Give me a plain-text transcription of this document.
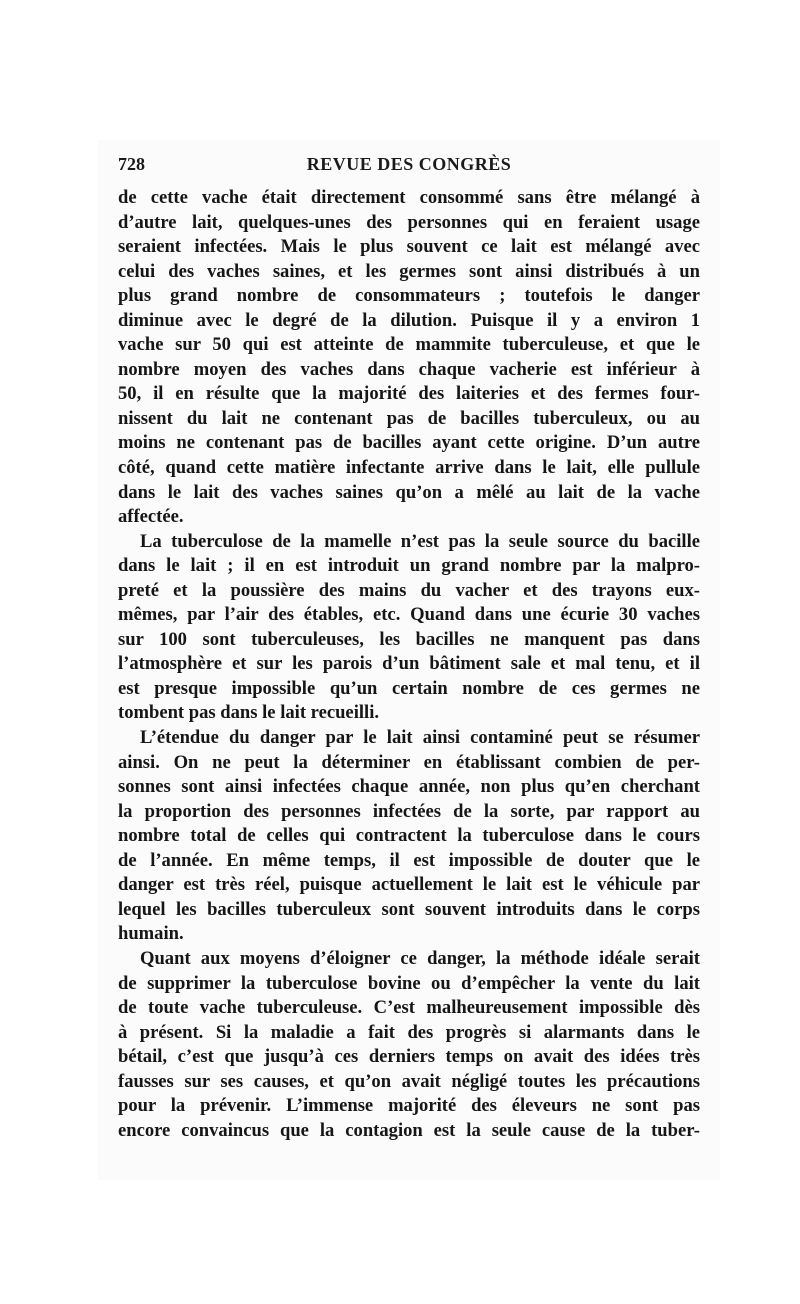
728	REVUE DES CONGRÈS
de cette vache était directement consommé sans être mélangé à
d’autre lait, quelques-unes des personnes qui en feraient usage
seraient infectées. Mais le plus souvent ce lait est mélangé avec
celui des vaches saines, et les germes sont ainsi distribués à un
plus grand nombre de consommateurs ; toutefois le danger
diminue avec le degré de la dilution. Puisque il y a environ 1
vache sur 50 qui est atteinte de mammite tuberculeuse, et que le
nombre moyen des vaches dans chaque vacherie est inférieur à
50, il en résulte que la majorité des laiteries et des fermes four-
nissent du lait ne contenant pas de bacilles tuberculeux, ou au
moins ne contenant pas de bacilles ayant cette origine. D’un autre
côté, quand cette matière infectante arrive dans le lait, elle pullule
dans le lait des vaches saines qu’on a mêlé au lait de la vache
affectée.
La tuberculose de la mamelle n’est pas la seule source du bacille
dans le lait ; il en est introduit un grand nombre par la malpro-
preté et la poussière des mains du vacher et des trayons eux-
mêmes, par l’air des étables, etc. Quand dans une écurie 30 vaches
sur 100 sont tuberculeuses, les bacilles ne manquent pas dans
l’atmosphère et sur les parois d’un bâtiment sale et mal tenu, et il
est presque impossible qu’un certain nombre de ces germes ne
tombent pas dans le lait recueilli.
L’étendue du danger par le lait ainsi contaminé peut se résumer
ainsi. On ne peut la déterminer en établissant combien de per-
sonnes sont ainsi infectées chaque année, non plus qu’en cherchant
la proportion des personnes infectées de la sorte, par rapport au
nombre total de celles qui contractent la tuberculose dans le cours
de l’année. En même temps, il est impossible de douter que le
danger est très réel, puisque actuellement le lait est le véhicule par
lequel les bacilles tuberculeux sont souvent introduits dans le corps
humain.
Quant aux moyens d’éloigner ce danger, la méthode idéale serait
de supprimer la tuberculose bovine ou d’empêcher la vente du lait
de toute vache tuberculeuse. C’est malheureusement impossible dès
à présent. Si la maladie a fait des progrès si alarmants dans le
bétail, c’est que jusqu’à ces derniers temps on avait des idées très
fausses sur ses causes, et qu’on avait négligé toutes les précautions
pour la prévenir. L’immense majorité des éleveurs ne sont pas
encore convaincus que la contagion est la seule cause de la tuber-
